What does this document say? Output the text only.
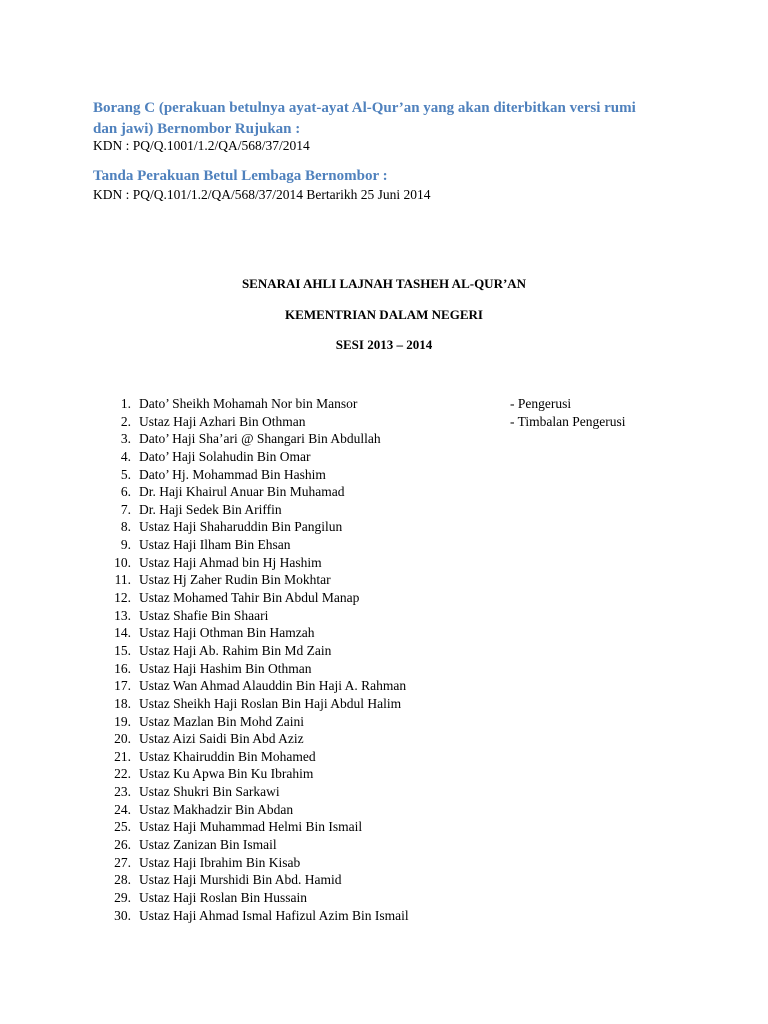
Borang C (perakuan betulnya ayat-ayat Al-Qur’an yang akan diterbitkan versi rumi
dan jawi) Bernombor Rujukan :
KDN : PQ/Q.1001/1.2/QA/568/37/2014
Tanda Perakuan Betul Lembaga Bernombor :
KDN : PQ/Q.101/1.2/QA/568/37/2014 Bertarikh 25 Juni 2014
SENARAI AHLI LAJNAH TASHEH AL-QUR’AN
KEMENTRIAN DALAM NEGERI
SESI 2013 – 2014
1. Dato’ Sheikh Mohamah Nor bin Mansor	- Pengerusi
2. Ustaz Haji Azhari Bin Othman	- Timbalan Pengerusi
3. Dato’ Haji Sha’ari @ Shangari Bin Abdullah
4. Dato’ Haji Solahudin Bin Omar
5. Dato’ Hj. Mohammad Bin Hashim
6. Dr. Haji Khairul Anuar Bin Muhamad
7. Dr. Haji Sedek Bin Ariffin
8. Ustaz Haji Shaharuddin Bin Pangilun
9. Ustaz Haji Ilham Bin Ehsan
10. Ustaz Haji Ahmad bin Hj Hashim
11. Ustaz Hj Zaher Rudin Bin Mokhtar
12. Ustaz Mohamed Tahir Bin Abdul Manap
13. Ustaz Shafie Bin Shaari
14. Ustaz Haji Othman Bin Hamzah
15. Ustaz Haji Ab. Rahim Bin Md Zain
16. Ustaz Haji Hashim Bin Othman
17. Ustaz Wan Ahmad Alauddin Bin Haji A. Rahman
18. Ustaz Sheikh Haji Roslan Bin Haji Abdul Halim
19. Ustaz Mazlan Bin Mohd Zaini
20. Ustaz Aizi Saidi Bin Abd Aziz
21. Ustaz Khairuddin Bin Mohamed
22. Ustaz Ku Apwa Bin Ku Ibrahim
23. Ustaz Shukri Bin Sarkawi
24. Ustaz Makhadzir Bin Abdan
25. Ustaz Haji Muhammad Helmi Bin Ismail
26. Ustaz Zanizan Bin Ismail
27. Ustaz Haji Ibrahim Bin Kisab
28. Ustaz Haji Murshidi Bin Abd. Hamid
29. Ustaz Haji Roslan Bin Hussain
30. Ustaz Haji Ahmad Ismal Hafizul Azim Bin Ismail
